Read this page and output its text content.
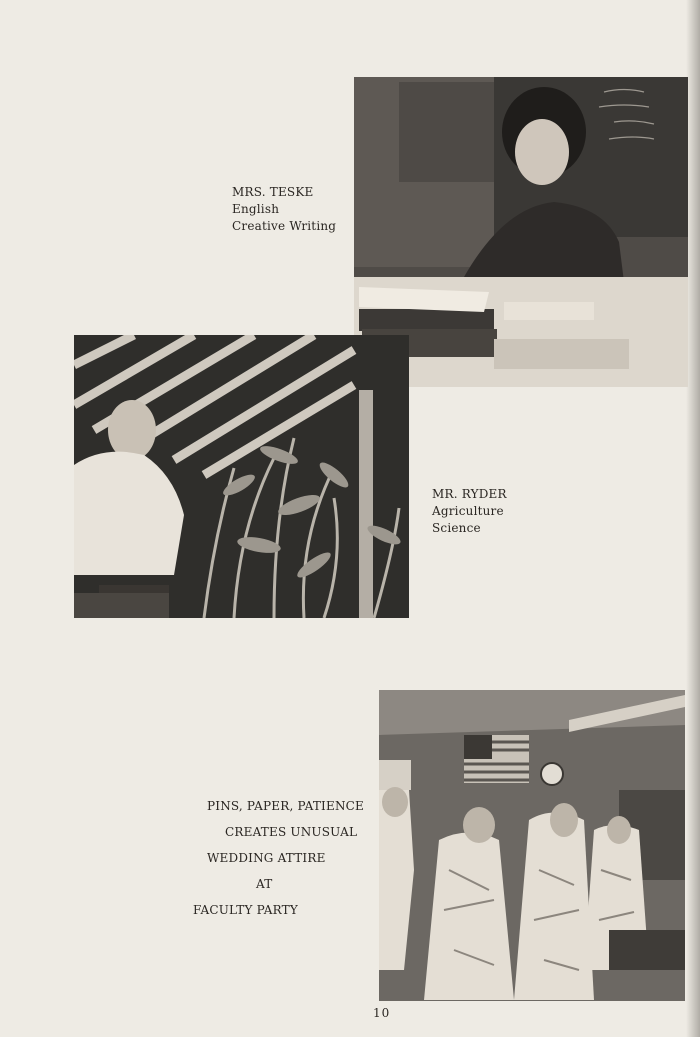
MRS. TESKE
English
Creative Writing
MR. RYDER
Agriculture
Science
PINS, PAPER, PATIENCE
CREATES UNUSUAL
WEDDING ATTIRE
AT
FACULTY PARTY
10
